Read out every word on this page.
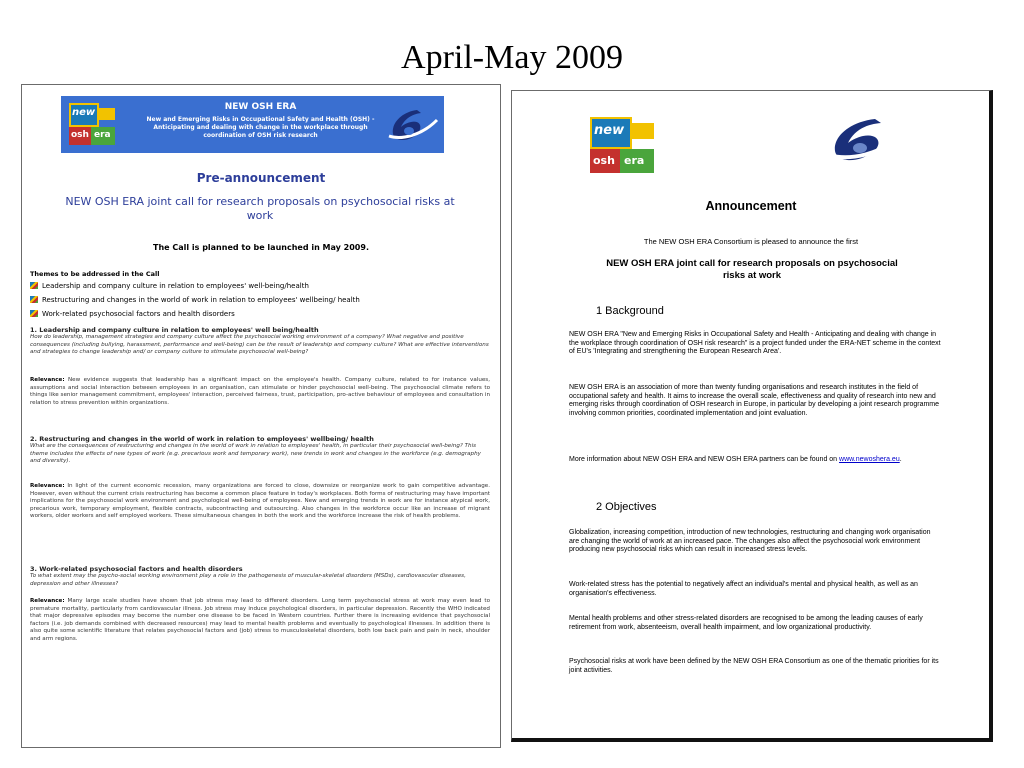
April-May 2009
new
osh era
NEW OSH ERA
New and Emerging Risks in Occupational Safety and Health (OSH) - Anticipating and dealing with change in the workplace through coordination of OSH risk research
Pre-announcement
NEW OSH ERA joint call for research proposals on psychosocial risks at work
The Call is planned to be launched in May 2009.
Themes to be addressed in the Call
Leadership and company culture in relation to employees' well-being/health
Restructuring and changes in the world of work in relation to employees' wellbeing/ health
Work-related psychosocial factors and health disorders
1. Leadership and company culture in relation to employees' well being/health
How do leadership, management strategies and company culture affect the psychosocial working environment of a company? What negative and positive consequences (including bullying, harassment, performance and well-being) can be the result of leadership and company culture? What are effective interventions and strategies to change leadership and/ or company culture to stimulate psychosocial well-being?
Relevance: New evidence suggests that leadership has a significant impact on the employee's health. Company culture, related to for instance values, assumptions and social interaction between employees in an organisation, can stimulate or hinder psychosocial well-being. The psychosocial climate refers to things like senior management commitment, employees' interaction, perceived fairness, trust, participation, pro-active behaviour of employees and consultation in relation to stress prevention within organizations.
2. Restructuring and changes in the world of work in relation to employees' wellbeing/ health
What are the consequences of restructuring and changes in the world of work in relation to employees' health, in particular their psychosocial well-being? This theme includes the effects of new types of work (e.g. precarious work and temporary work), new trends in work and changes in the workforce (e.g. demography and diversity).
Relevance: In light of the current economic recession, many organizations are forced to close, downsize or reorganize work to gain competitive advantage. However, even without the current crisis restructuring has become a common place feature in today's workplaces. Both forms of restructuring may have important implications for the psychosocial work environment and psychological well-being of employees. New and emerging trends in work are for instance atypical work, precarious work, temporary employment, flexible contracts, subcontracting and outsourcing. Also changes in the workforce occur like an increase of migrant workers, older workers and self employed workers. These simultaneous changes in both the work and the workforce increase the risk of health problems.
3. Work-related psychosocial factors and health disorders
To what extent may the psycho-social working environment play a role in the pathogenesis of muscular-skeletal disorders (MSDs), cardiovascular diseases, depression and other illnesses?
Relevance: Many large scale studies have shown that job stress may lead to different disorders. Long term psychosocial stress at work may even lead to premature mortality, particularly from cardiovascular illness. Job stress may induce psychological disorders, in particular depression. Recently the WHO indicated that major depressive episodes may become the number one disease to be faced in Western countries. Further there is increasing evidence that psychosocial factors (i.e. job demands combined with decreased resources) may lead to mental health problems and eventually to psychological illnesses. In addition there is also quite some scientific literature that relates psychosocial factors and (job) stress to musculoskeletal disorders, both low back pain and pain in neck, shoulder and arm regions.
new
osh era
Announcement
The NEW OSH ERA Consortium is pleased to announce the first
NEW OSH ERA joint call for research proposals on psychosocial risks at work
1 Background
NEW OSH ERA "New and Emerging Risks in Occupational Safety and Health - Anticipating and dealing with change in the workplace through coordination of OSH risk research" is a project funded under the ERA-NET scheme in the context of EU's 'Integrating and strengthening the European Research Area'.
NEW OSH ERA is an association of more than twenty funding organisations and research institutes in the field of occupational safety and health. It aims to increase the overall scale, effectiveness and quality of research into new and emerging risks through coordination of OSH research in Europe, in particular by developing a joint research programme involving common priorities, coordinated implementation and joint evaluation.
More information about NEW OSH ERA and NEW OSH ERA partners can be found on www.newoshera.eu.
2 Objectives
Globalization, increasing competition, introduction of new technologies, restructuring and changing work organisation are changing the world of work at an increased pace. The changes also affect the psychosocial work environment producing new psychosocial risks which can result in increased stress levels.
Work-related stress has the potential to negatively affect an individual's mental and physical health, as well as an organisation's effectiveness.
Mental health problems and other stress-related disorders are recognised to be among the leading causes of early retirement from work, absenteeism, overall health impairment, and low organizational productivity.
Psychosocial risks at work have been defined by the NEW OSH ERA Consortium as one of the thematic priorities for its joint activities.
